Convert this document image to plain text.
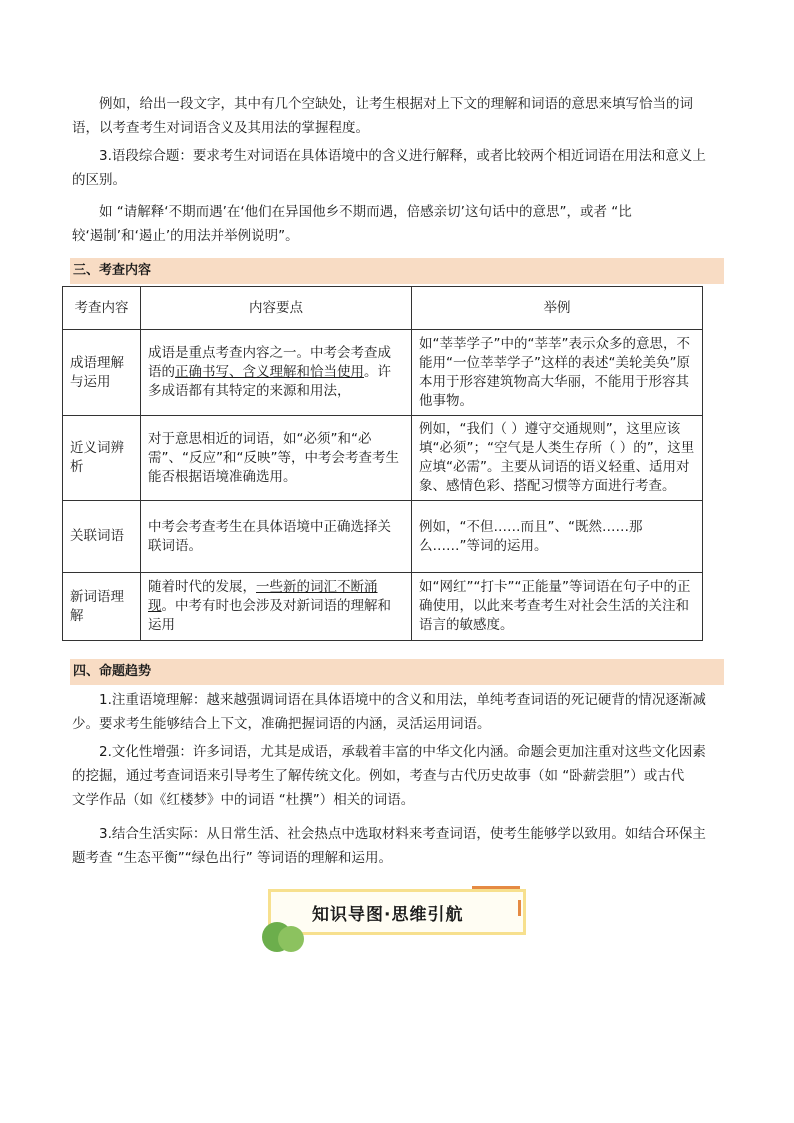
例如，给出一段文字，其中有几个空缺处，让考生根据对上下文的理解和词语的意思来填写恰当的词
语，以考查考生对词语含义及其用法的掌握程度。

3.语段综合题：要求考生对词语在具体语境中的含义进行解释，或者比较两个相近词语在用法和意义上
的区别。

如 “请解释‘不期而遇’在‘他们在异国他乡不期而遇，倍感亲切’这句话中的意思”，或者 “比
较‘遏制’和‘遏止’的用法并举例说明”。

三、考查内容
考查内容	内容要点	举例
成语理解与运用	成语是重点考查内容之一。中考会考查成语的正确书写、含义理解和恰当使用。许多成语都有其特定的来源和用法，	如“莘莘学子”中的“莘莘”表示众多的意思，不能用“一位莘莘学子”这样的表述“美轮美奂”原本用于形容建筑物高大华丽，不能用于形容其他事物。
近义词辨析	对于意思相近的词语，如“必须”和“必需”、“反应”和“反映”等，中考会考查考生能否根据语境准确选用。	例如，“我们（ ）遵守交通规则”，这里应该填“必须”；“空气是人类生存所（ ）的”，这里应填“必需”。主要从词语的语义轻重、适用对象、感情色彩、搭配习惯等方面进行考查。
关联词语	中考会考查考生在具体语境中正确选择关联词语。	例如，“不但……而且”、“既然……那么……”等词的运用。
新词语理解	随着时代的发展，一些新的词汇不断涌现。中考有时也会涉及对新词语的理解和运用	如“网红”“打卡”“正能量”等词语在句子中的正确使用，以此来考查考生对社会生活的关注和语言的敏感度。
四、命题趋势

1.注重语境理解：越来越强调词语在具体语境中的含义和用法，单纯考查词语的死记硬背的情况逐渐减
少。要求考生能够结合上下文，准确把握词语的内涵，灵活运用词语。

2.文化性增强：许多词语，尤其是成语，承载着丰富的中华文化内涵。命题会更加注重对这些文化因素
的挖掘，通过考查词语来引导考生了解传统文化。例如，考查与古代历史故事（如 “卧薪尝胆”）或古代
文学作品（如《红楼梦》中的词语 “杜撰”）相关的词语。

3.结合生活实际：从日常生活、社会热点中选取材料来考查词语，使考生能够学以致用。如结合环保主
题考查 “生态平衡”“绿色出行” 等词语的理解和运用。

知识导图·思维引航
